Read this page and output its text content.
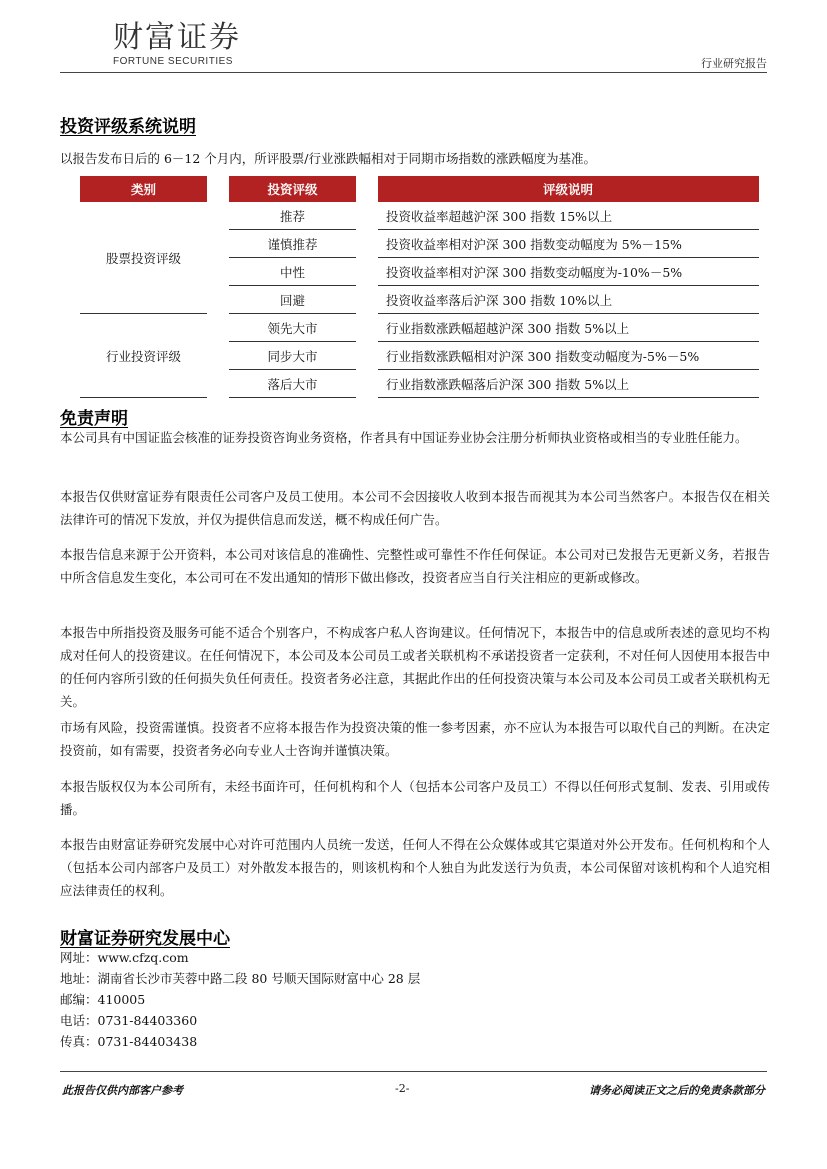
财富证券
FORTUNE SECURITIES	行业研究报告
投资评级系统说明
以报告发布日后的 6－12 个月内，所评股票/行业涨跌幅相对于同期市场指数的涨跌幅度为基准。
类别		投资评级		评级说明
股票投资评级		推荐		投资收益率超越沪深 300 指数 15%以上
		谨慎推荐		投资收益率相对沪深 300 指数变动幅度为 5%－15%
		中性		投资收益率相对沪深 300 指数变动幅度为-10%－5%
		回避		投资收益率落后沪深 300 指数 10%以上
行业投资评级		领先大市		行业指数涨跌幅超越沪深 300 指数 5%以上
		同步大市		行业指数涨跌幅相对沪深 300 指数变动幅度为-5%－5%
		落后大市		行业指数涨跌幅落后沪深 300 指数 5%以上
免责声明
本公司具有中国证监会核准的证券投资咨询业务资格，作者具有中国证券业协会注册分析师执业资格或相当的专业胜任能力。
本报告仅供财富证券有限责任公司客户及员工使用。本公司不会因接收人收到本报告而视其为本公司当然客户。本报告仅在相关法律许可的情况下发放，并仅为提供信息而发送，概不构成任何广告。
本报告信息来源于公开资料，本公司对该信息的准确性、完整性或可靠性不作任何保证。本公司对已发报告无更新义务，若报告中所含信息发生变化，本公司可在不发出通知的情形下做出修改，投资者应当自行关注相应的更新或修改。
本报告中所指投资及服务可能不适合个别客户，不构成客户私人咨询建议。任何情况下，本报告中的信息或所表述的意见均不构成对任何人的投资建议。在任何情况下，本公司及本公司员工或者关联机构不承诺投资者一定获利，不对任何人因使用本报告中的任何内容所引致的任何损失负任何责任。投资者务必注意，其据此作出的任何投资决策与本公司及本公司员工或者关联机构无关。
市场有风险，投资需谨慎。投资者不应将本报告作为投资决策的惟一参考因素，亦不应认为本报告可以取代自己的判断。在决定投资前，如有需要，投资者务必向专业人士咨询并谨慎决策。
本报告版权仅为本公司所有，未经书面许可，任何机构和个人（包括本公司客户及员工）不得以任何形式复制、发表、引用或传播。
本报告由财富证券研究发展中心对许可范围内人员统一发送，任何人不得在公众媒体或其它渠道对外公开发布。任何机构和个人（包括本公司内部客户及员工）对外散发本报告的，则该机构和个人独自为此发送行为负责，本公司保留对该机构和个人追究相应法律责任的权利。
财富证券研究发展中心
网址：www.cfzq.com
地址：湖南省长沙市芙蓉中路二段 80 号顺天国际财富中心 28 层
邮编：410005
电话：0731-84403360
传真：0731-84403438
此报告仅供内部客户参考	-2-	请务必阅读正文之后的免责条款部分
